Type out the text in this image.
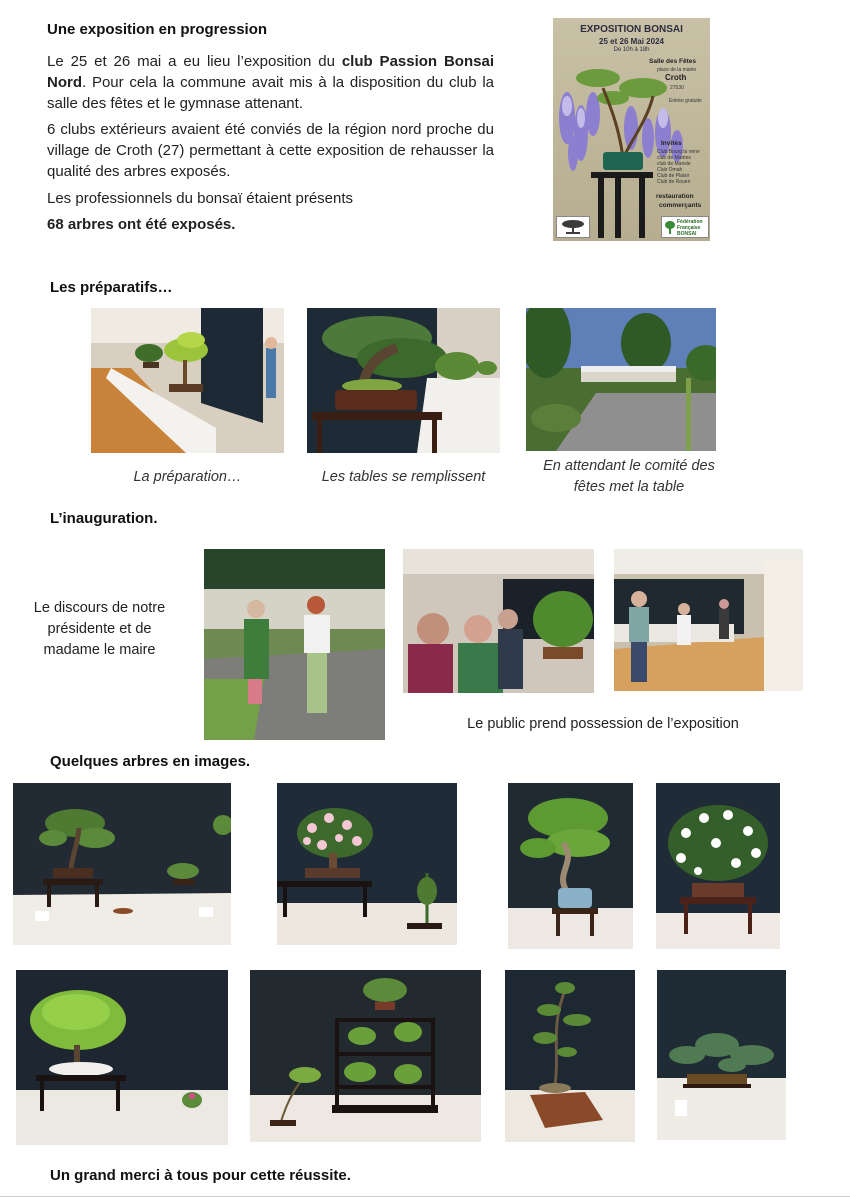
Une exposition en progression
Le 25 et 26 mai a eu lieu l’exposition du club Passion Bonsai Nord. Pour cela la commune avait mis à la disposition du club la salle des fêtes et le gymnase attenant.
6 clubs extérieurs avaient été conviés de la région nord proche du village de Croth (27) permettant à cette exposition de rehausser la qualité des arbres exposés.
Les professionnels du bonsaï étaient présents
68 arbres ont été exposés.
EXPOSITION BONSAI
25 et 26 Mai 2024
De 10h à 18h
Salle des Fêtes
place de la mairie
Croth
27530
Entrée gratuite
Invités
Club Bourg la reine
club de Mantes
club de Mansle
Club Omah
Club de Plaisir
Club de Rouen
restauration
commerçants
Fédération Française BONSAI
Les préparatifs…
La préparation…	Les tables se remplissent
En attendant le comité des fêtes met la table
L’inauguration.
Le discours de notre présidente et de madame le maire
Le public prend possession de l’exposition
Quelques arbres en images.
Un grand merci à tous pour cette réussite.
